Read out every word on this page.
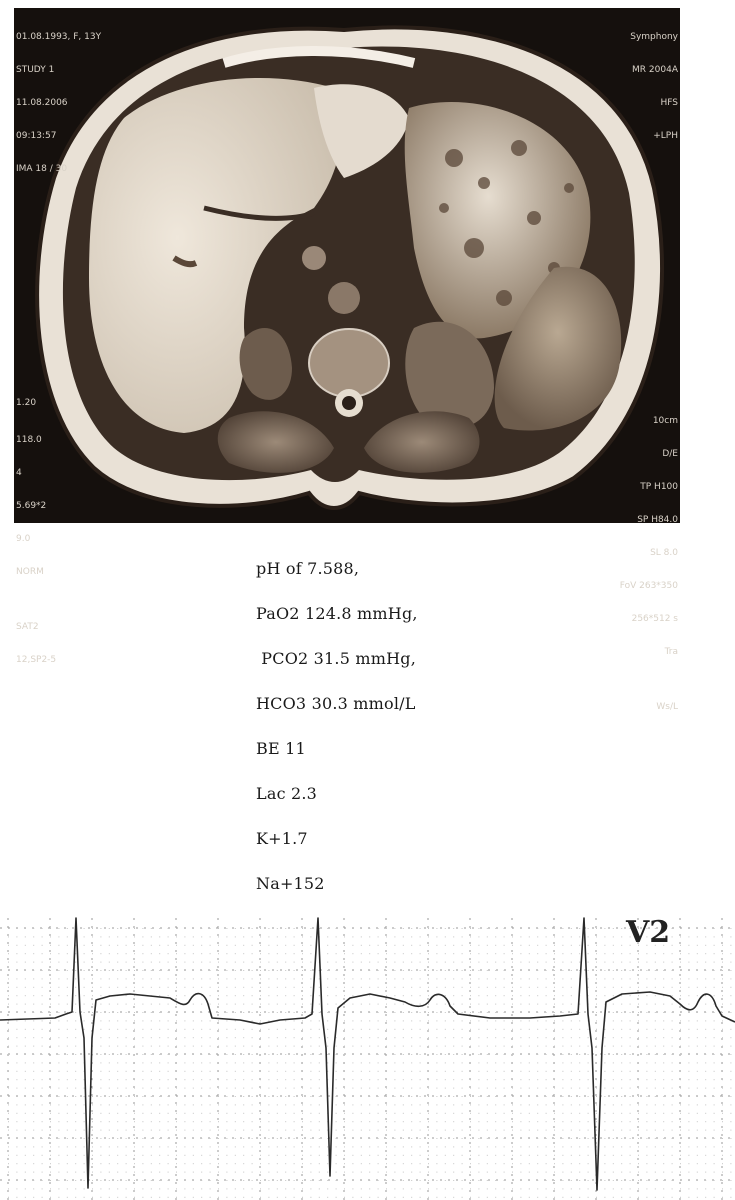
01.08.1993, F, 13Y

STUDY 1

11.08.2006

09:13:57

IMA 18 / 30

1.20

118.0

4

5.69*2

9.0

NORM

SAT2

12,SP2-5

Symphony

MR 2004A

HFS

+LPH

10cm

D/E

TP H100

SP H84.0

SL 8.0

FoV 263*350

256*512 s

Tra

Ws/L

pH of 7.588,
PaO2 124.8 mmHg,
PCO2 31.5 mmHg,
HCO3 30.3 mmol/L
BE 11
Lac 2.3
K+1.7
Na+152
V2
